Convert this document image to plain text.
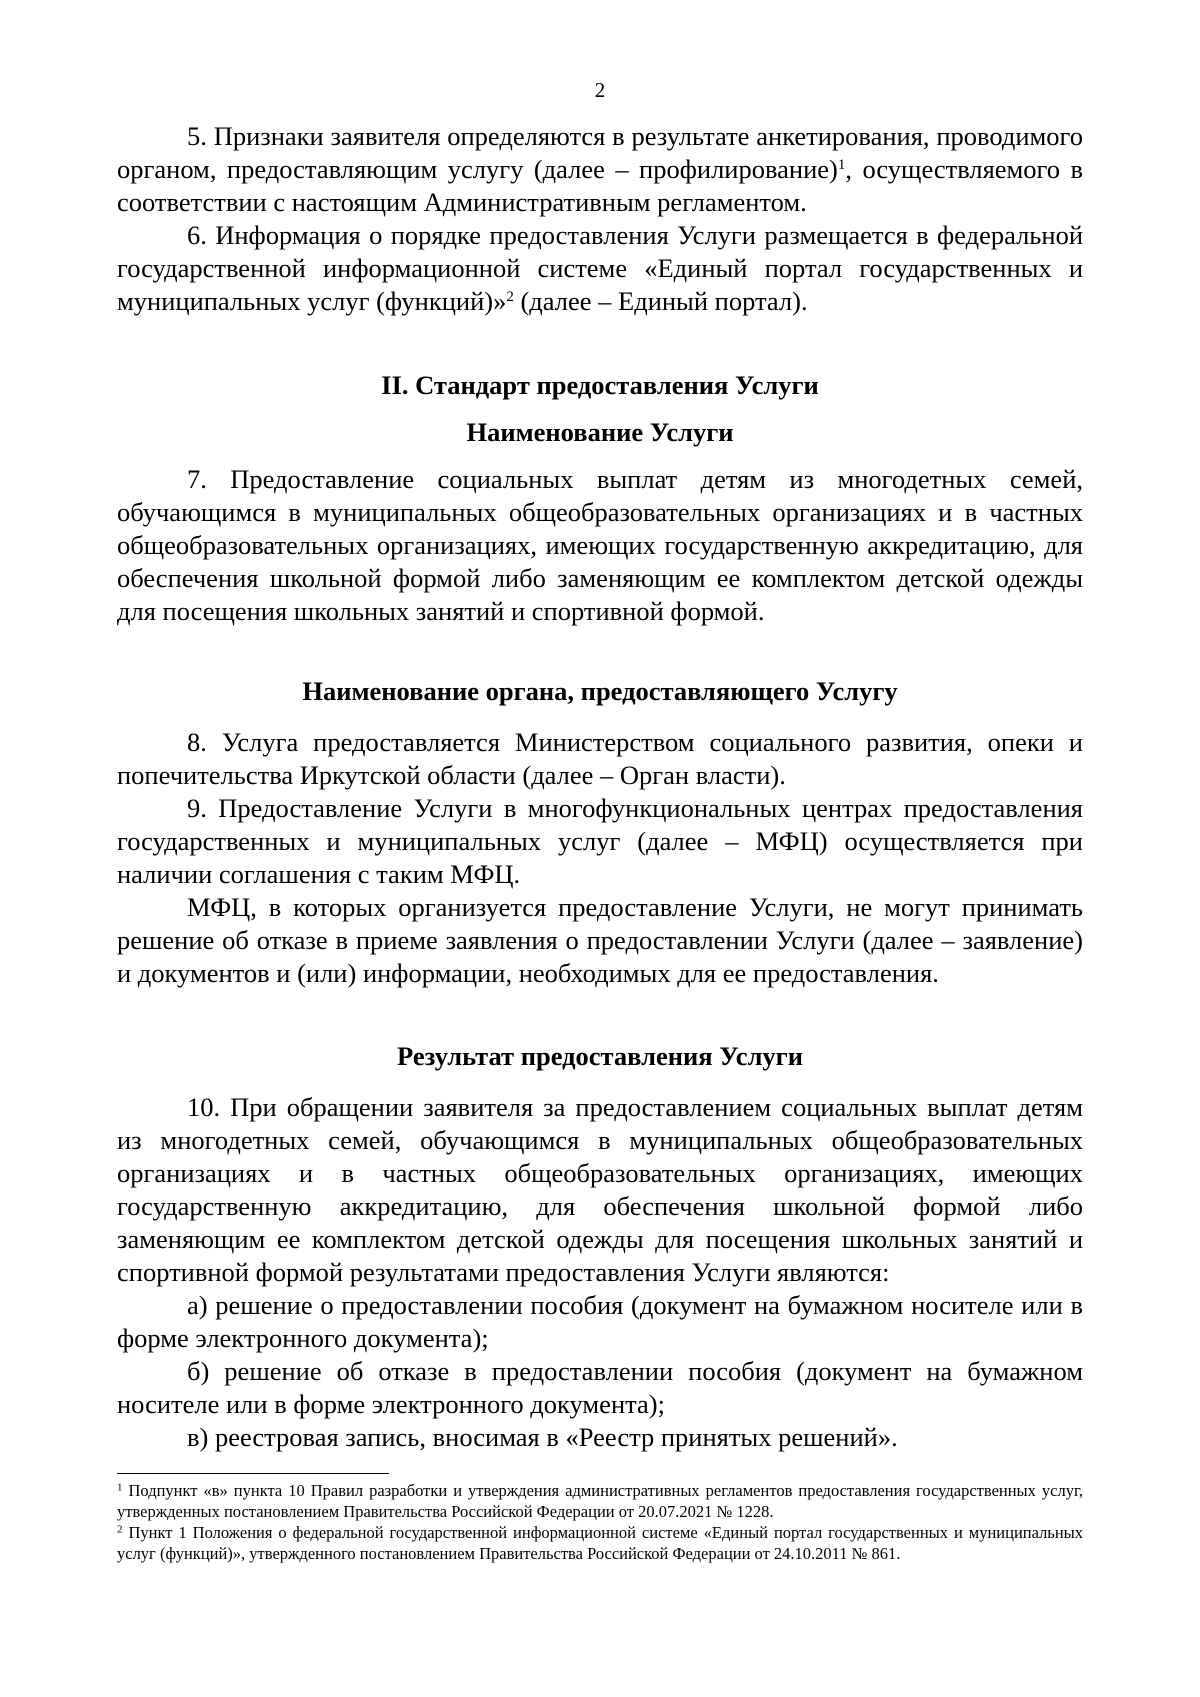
2

5. Признаки заявителя определяются в результате анкетирования, проводимого органом, предоставляющим услугу (далее – профилирование)$^1$, осуществляемого в соответствии с настоящим Административным регламентом.

6. Информация о порядке предоставления Услуги размещается в федеральной государственной информационной системе «Единый портал государственных и муниципальных услуг (функций)»$^2$ (далее – Единый портал).

II. Стандарт предоставления Услуги

Наименование Услуги

7. Предоставление социальных выплат детям из многодетных семей, обучающимся в муниципальных общеобразовательных организациях и в частных общеобразовательных организациях, имеющих государственную аккредитацию, для обеспечения школьной формой либо заменяющим ее комплектом детской одежды для посещения школьных занятий и спортивной формой.

Наименование органа, предоставляющего Услугу

8. Услуга предоставляется Министерством социального развития, опеки и попечительства Иркутской области (далее – Орган власти).

9. Предоставление Услуги в многофункциональных центрах предоставления государственных и муниципальных услуг (далее – МФЦ) осуществляется при наличии соглашения с таким МФЦ.

МФЦ, в которых организуется предоставление Услуги, не могут принимать решение об отказе в приеме заявления о предоставлении Услуги (далее – заявление) и документов и (или) информации, необходимых для ее предоставления.

Результат предоставления Услуги

10. При обращении заявителя за предоставлением социальных выплат детям из многодетных семей, обучающимся в муниципальных общеобразовательных организациях и в частных общеобразовательных организациях, имеющих государственную аккредитацию, для обеспечения школьной формой либо заменяющим ее комплектом детской одежды для посещения школьных занятий и спортивной формой результатами предоставления Услуги являются:

а) решение о предоставлении пособия (документ на бумажном носителе или в форме электронного документа);

б) решение об отказе в предоставлении пособия (документ на бумажном носителе или в форме электронного документа);

в) реестровая запись, вносимая в «Реестр принятых решений».

$^1$ Подпункт «в» пункта 10 Правил разработки и утверждения административных регламентов предоставления государственных услуг, утвержденных постановлением Правительства Российской Федерации от 20.07.2021 № 1228.

$^2$ Пункт 1 Положения о федеральной государственной информационной системе «Единый портал государственных и муниципальных услуг (функций)», утвержденного постановлением Правительства Российской Федерации от 24.10.2011 № 861.
